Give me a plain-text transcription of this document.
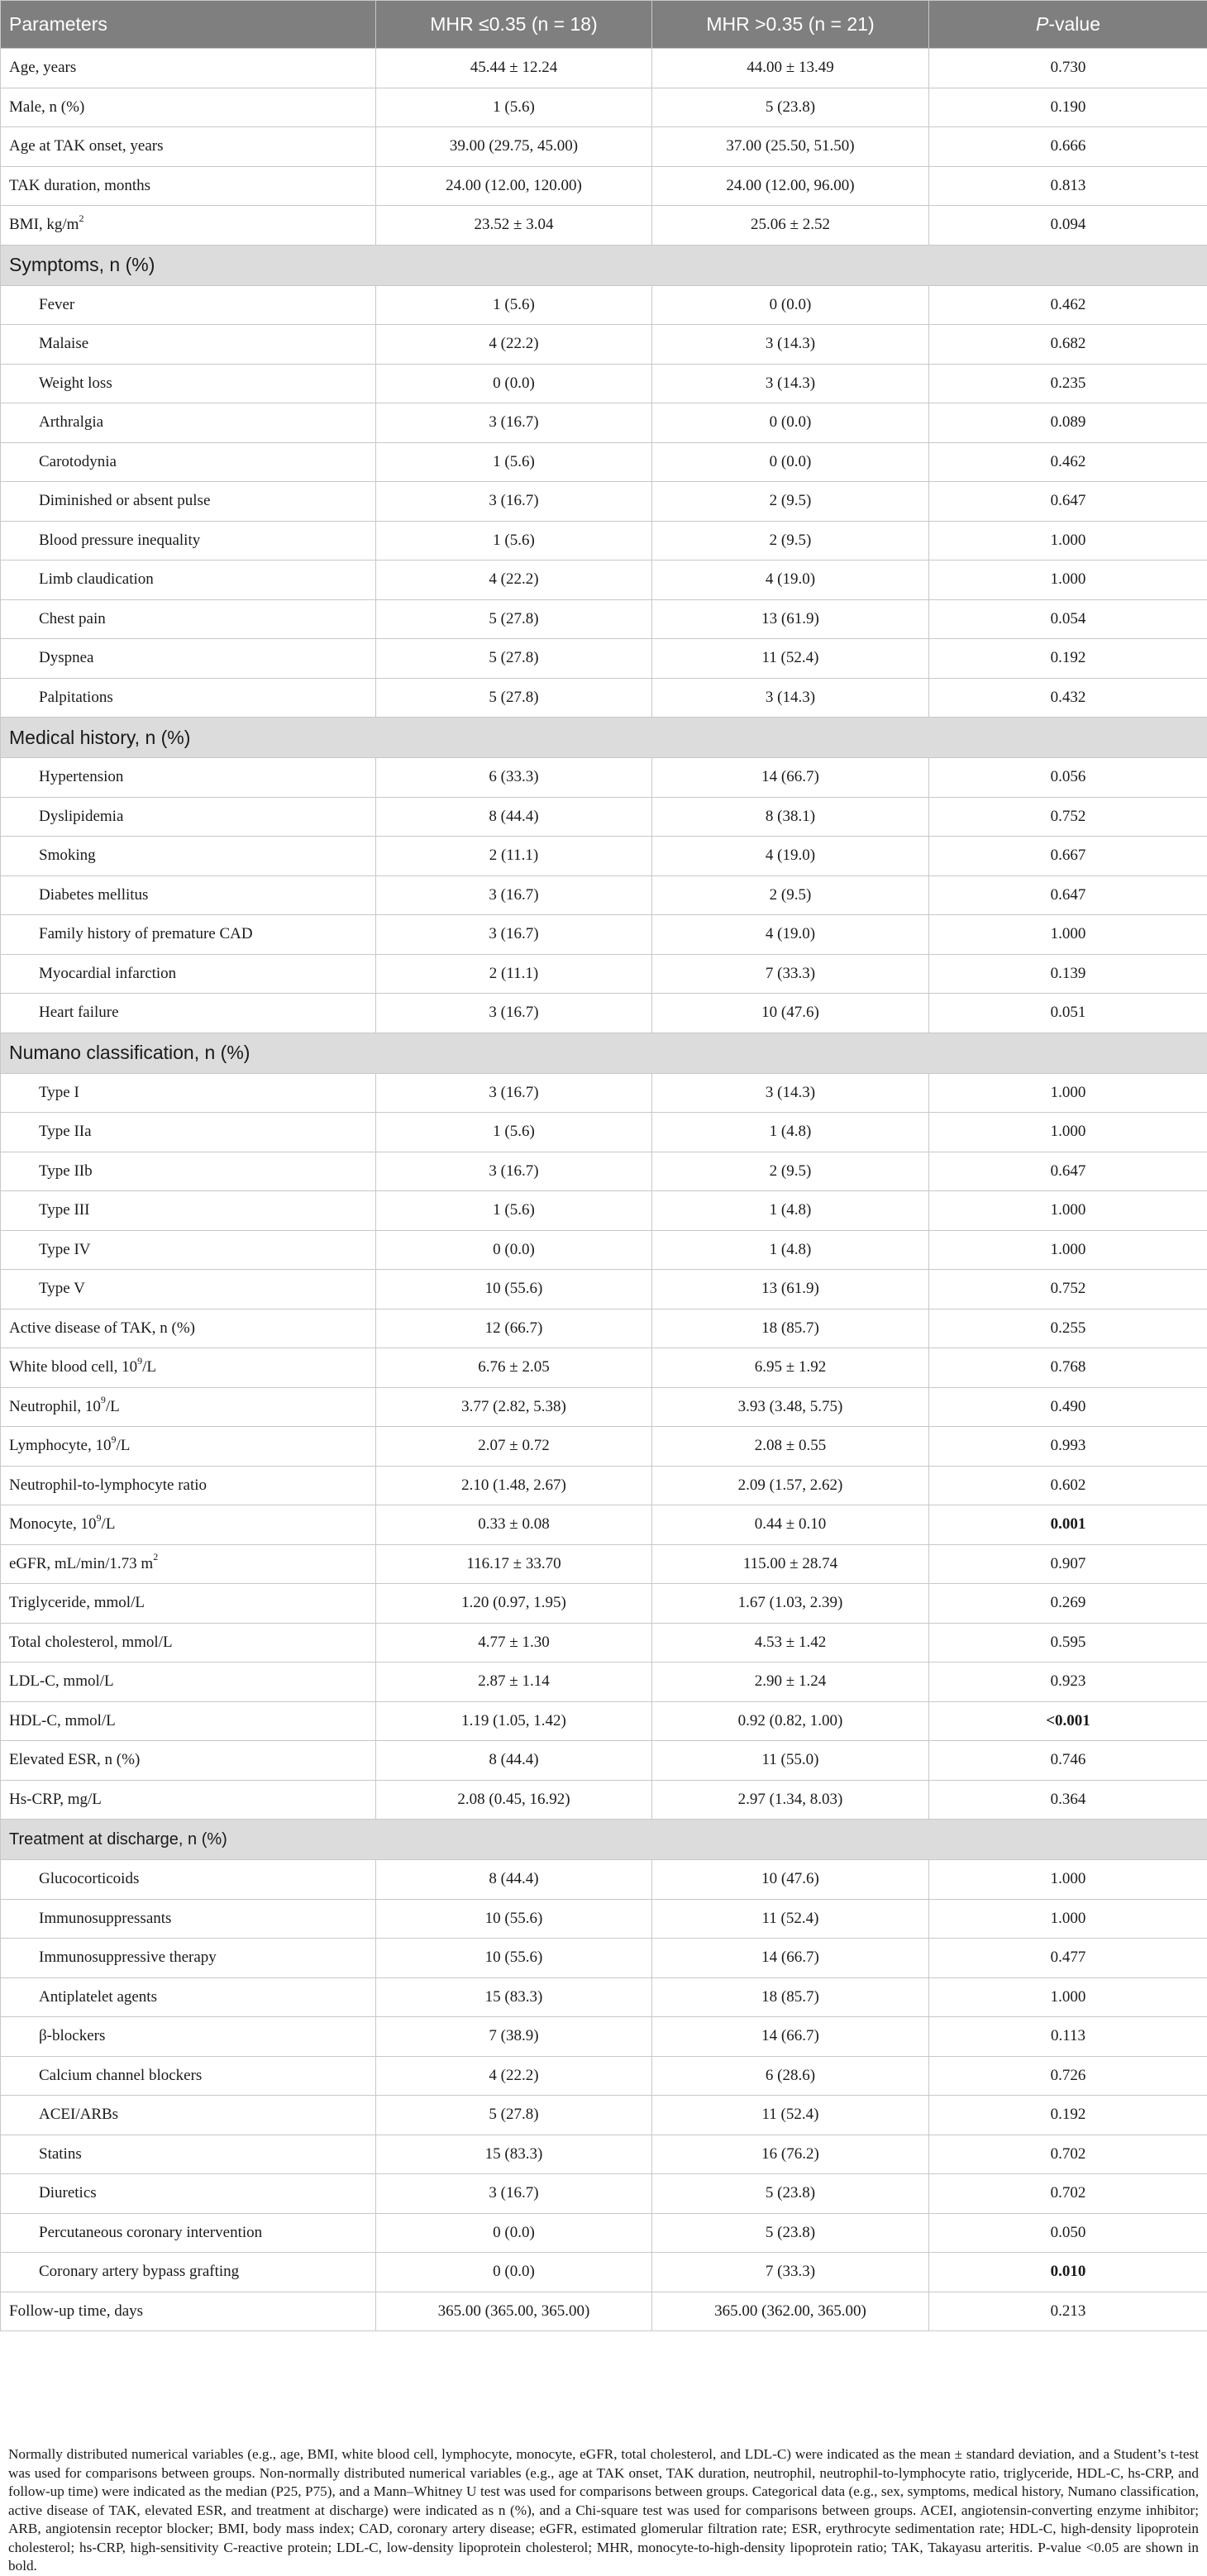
Parameters	MHR ≤0.35 (n = 18)	MHR >0.35 (n = 21)	P-value
Age, years	45.44 ± 12.24	44.00 ± 13.49	0.730
Male, n (%)	1 (5.6)	5 (23.8)	0.190
Age at TAK onset, years	39.00 (29.75, 45.00)	37.00 (25.50, 51.50)	0.666
TAK duration, months	24.00 (12.00, 120.00)	24.00 (12.00, 96.00)	0.813
BMI, $kg/m^2$	23.52 ± 3.04	25.06 ± 2.52	0.094
Symptoms, n (%)			
Fever	1 (5.6)	0 (0.0)	0.462
Malaise	4 (22.2)	3 (14.3)	0.682
Weight loss	0 (0.0)	3 (14.3)	0.235
Arthralgia	3 (16.7)	0 (0.0)	0.089
Carotodynia	1 (5.6)	0 (0.0)	0.462
Diminished or absent pulse	3 (16.7)	2 (9.5)	0.647
Blood pressure inequality	1 (5.6)	2 (9.5)	1.000
Limb claudication	4 (22.2)	4 (19.0)	1.000
Chest pain	5 (27.8)	13 (61.9)	0.054
Dyspnea	5 (27.8)	11 (52.4)	0.192
Palpitations	5 (27.8)	3 (14.3)	0.432
Medical history, n (%)			
Hypertension	6 (33.3)	14 (66.7)	0.056
Dyslipidemia	8 (44.4)	8 (38.1)	0.752
Smoking	2 (11.1)	4 (19.0)	0.667
Diabetes mellitus	3 (16.7)	2 (9.5)	0.647
Family history of premature CAD	3 (16.7)	4 (19.0)	1.000
Myocardial infarction	2 (11.1)	7 (33.3)	0.139
Heart failure	3 (16.7)	10 (47.6)	0.051
Numano classification, n (%)			
Type I	3 (16.7)	3 (14.3)	1.000
Type IIa	1 (5.6)	1 (4.8)	1.000
Type IIb	3 (16.7)	2 (9.5)	0.647
Type III	1 (5.6)	1 (4.8)	1.000
Type IV	0 (0.0)	1 (4.8)	1.000
Type V	10 (55.6)	13 (61.9)	0.752
Active disease of TAK, n (%)	12 (66.7)	18 (85.7)	0.255
White blood cell, $10^9/L$	6.76 ± 2.05	6.95 ± 1.92	0.768
Neutrophil, $10^9/L$	3.77 (2.82, 5.38)	3.93 (3.48, 5.75)	0.490
Lymphocyte, $10^9/L$	2.07 ± 0.72	2.08 ± 0.55	0.993
Neutrophil-to-lymphocyte ratio	2.10 (1.48, 2.67)	2.09 (1.57, 2.62)	0.602
Monocyte, $10^9/L$	0.33 ± 0.08	0.44 ± 0.10	0.001
eGFR, mL/min/1.73 $m^2$	116.17 ± 33.70	115.00 ± 28.74	0.907
Triglyceride, mmol/L	1.20 (0.97, 1.95)	1.67 (1.03, 2.39)	0.269
Total cholesterol, mmol/L	4.77 ± 1.30	4.53 ± 1.42	0.595
LDL-C, mmol/L	2.87 ± 1.14	2.90 ± 1.24	0.923
HDL-C, mmol/L	1.19 (1.05, 1.42)	0.92 (0.82, 1.00)	<0.001
Elevated ESR, n (%)	8 (44.4)	11 (55.0)	0.746
Hs-CRP, mg/L	2.08 (0.45, 16.92)	2.97 (1.34, 8.03)	0.364
Treatment at discharge, n (%)			
Glucocorticoids	8 (44.4)	10 (47.6)	1.000
Immunosuppressants	10 (55.6)	11 (52.4)	1.000
Immunosuppressive therapy	10 (55.6)	14 (66.7)	0.477
Antiplatelet agents	15 (83.3)	18 (85.7)	1.000
β-blockers	7 (38.9)	14 (66.7)	0.113
Calcium channel blockers	4 (22.2)	6 (28.6)	0.726
ACEI/ARBs	5 (27.8)	11 (52.4)	0.192
Statins	15 (83.3)	16 (76.2)	0.702
Diuretics	3 (16.7)	5 (23.8)	0.702
Percutaneous coronary intervention	0 (0.0)	5 (23.8)	0.050
Coronary artery bypass grafting	0 (0.0)	7 (33.3)	0.010
Follow-up time, days	365.00 (365.00, 365.00)	365.00 (362.00, 365.00)	0.213
Normally distributed numerical variables (e.g., age, BMI, white blood cell, lymphocyte, monocyte, eGFR, total cholesterol, and LDL-C) were indicated as the mean ± standard deviation, and a Student’s t-test was used for comparisons between groups. Non-normally distributed numerical variables (e.g., age at TAK onset, TAK duration, neutrophil, neutrophil-to-lymphocyte ratio, triglyceride, HDL-C, hs-CRP, and follow-up time) were indicated as the median (P25, P75), and a Mann–Whitney U test was used for comparisons between groups. Categorical data (e.g., sex, symptoms, medical history, Numano classification, active disease of TAK, elevated ESR, and treatment at discharge) were indicated as n (%), and a Chi-square test was used for comparisons between groups. ACEI, angiotensin-converting enzyme inhibitor; ARB, angiotensin receptor blocker; BMI, body mass index; CAD, coronary artery disease; eGFR, estimated glomerular filtration rate; ESR, erythrocyte sedimentation rate; HDL-C, high-density lipoprotein cholesterol; hs-CRP, high-sensitivity C-reactive protein; LDL-C, low-density lipoprotein cholesterol; MHR, monocyte-to-high-density lipoprotein ratio; TAK, Takayasu arteritis. P-value <0.05 are shown in bold.
